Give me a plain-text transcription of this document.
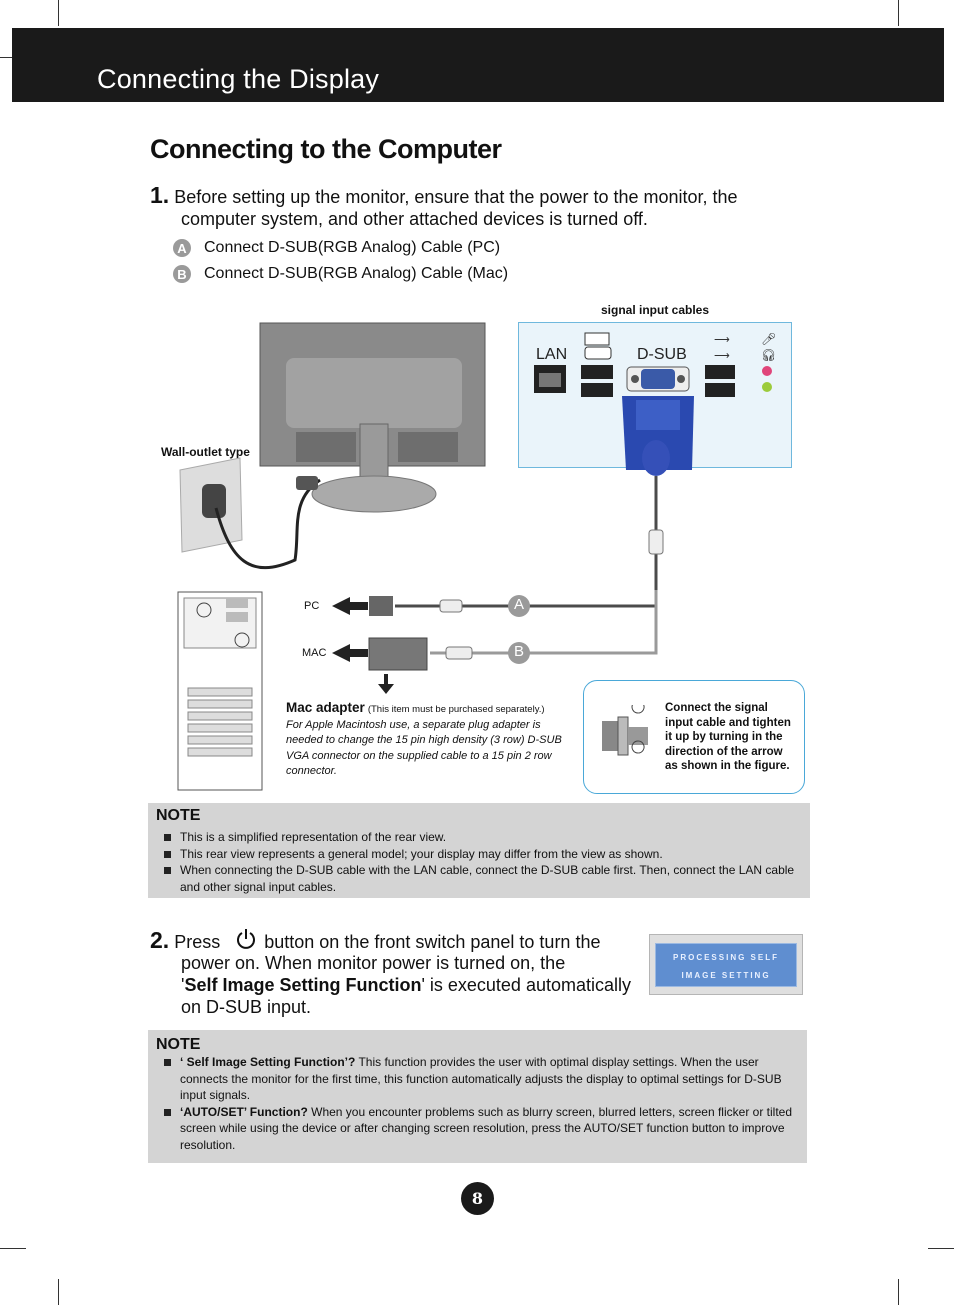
Connecting the Display
Connecting to the Computer
1. Before setting up the monitor, ensure that the power to the monitor, the
computer system, and other attached devices is turned off.
A Connect D-SUB(RGB Analog) Cable (PC)
B Connect D-SUB(RGB Analog) Cable (Mac)
signal input cables
Wall-outlet type
LAN	D-SUB
⟶
⟶
🎤︎
🎧︎
PC
MAC
A
B
Mac adapter (This item must be purchased separately.)
For Apple Macintosh use, a separate plug adapter is
needed to change the 15 pin high density (3 row) D-SUB
VGA connector on the supplied cable to a 15 pin 2 row
connector.
Connect the signal
input cable and tighten
it up by turning in the
direction of the arrow
as shown in the figure.
NOTE
This is a simplified representation of the rear view.
This rear view represents a general model; your display may differ from the view as shown.
When connecting the D-SUB cable with the LAN cable, connect the D-SUB cable first. Then, connect the LAN cable and other signal input cables.
2. Press button on the front switch panel to turn the
power on. When monitor power is turned on, the
'Self Image Setting Function' is executed automatically
on D-SUB input.
PROCESSING SELF
IMAGE SETTING
NOTE
‘ Self Image Setting Function’? This function provides the user with optimal display settings. When the user connects the monitor for the first time, this function automatically adjusts the display to optimal settings for D-SUB input signals.
‘AUTO/SET’ Function? When you encounter problems such as blurry screen, blurred letters, screen flicker or tilted screen while using the device or after changing screen resolution, press the AUTO/SET function button to improve resolution.
8
